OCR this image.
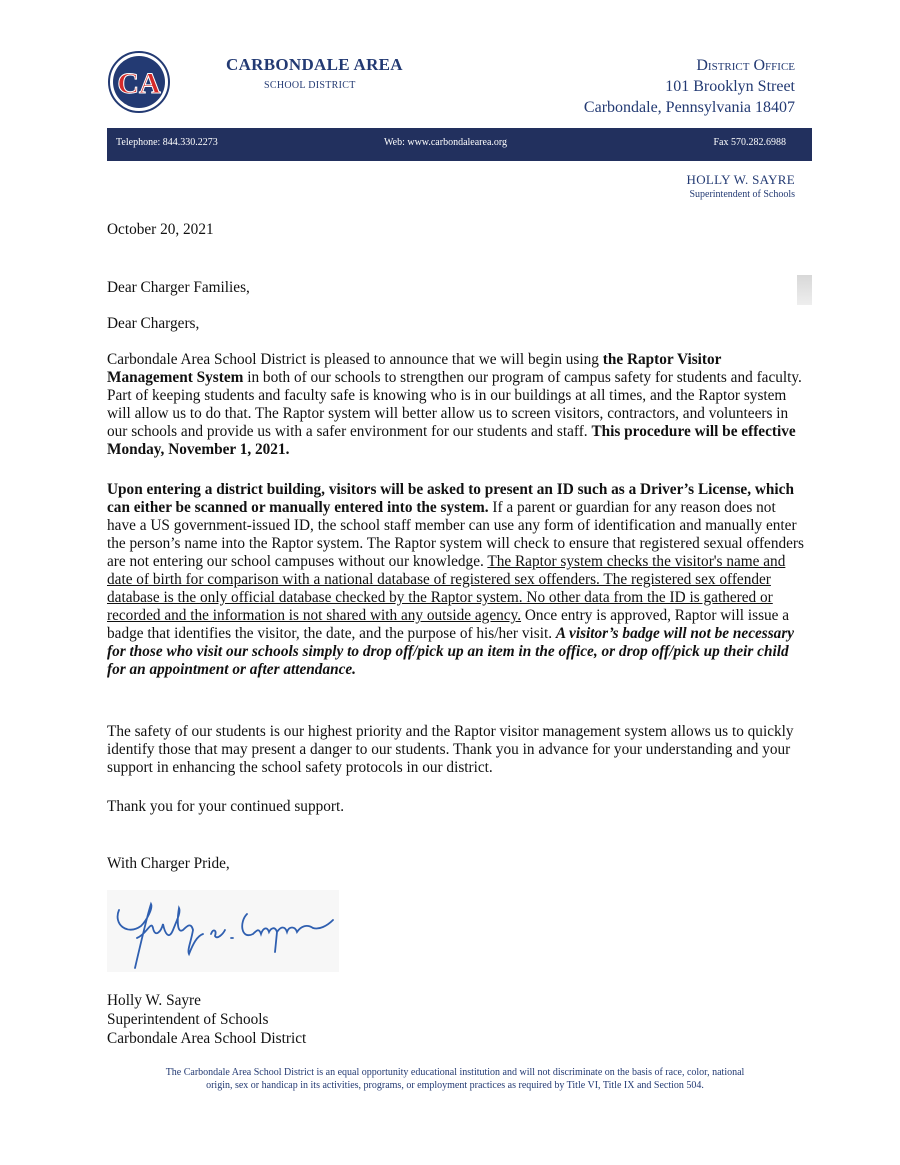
CA
CARBONDALE AREA
SCHOOL DISTRICT
District Office
101 Brooklyn Street
Carbondale, Pennsylvania 18407
Telephone: 844.330.2273	Web: www.carbondalearea.org	Fax 570.282.6988
HOLLY W. SAYRE
Superintendent of Schools
October 20, 2021
Dear Charger Families,
Dear Chargers,
Carbondale Area School District is pleased to announce that we will begin using the Raptor Visitor Management System in both of our schools to strengthen our program of campus safety for students and faculty. Part of keeping students and faculty safe is knowing who is in our buildings at all times, and the Raptor system will allow us to do that. The Raptor system will better allow us to screen visitors, contractors, and volunteers in our schools and provide us with a safer environment for our students and staff. This procedure will be effective Monday, November 1, 2021.
Upon entering a district building, visitors will be asked to present an ID such as a Driver’s License, which can either be scanned or manually entered into the system. If a parent or guardian for any reason does not have a US government-issued ID, the school staff member can use any form of identification and manually enter the person’s name into the Raptor system. The Raptor system will check to ensure that registered sexual offenders are not entering our school campuses without our knowledge. The Raptor system checks the visitor's name and date of birth for comparison with a national database of registered sex offenders. The registered sex offender database is the only official database checked by the Raptor system. No other data from the ID is gathered or recorded and the information is not shared with any outside agency. Once entry is approved, Raptor will issue a badge that identifies the visitor, the date, and the purpose of his/her visit. A visitor’s badge will not be necessary for those who visit our schools simply to drop off/pick up an item in the office, or drop off/pick up their child for an appointment or after attendance.
The safety of our students is our highest priority and the Raptor visitor management system allows us to quickly identify those that may present a danger to our students. Thank you in advance for your understanding and your support in enhancing the school safety protocols in our district.
Thank you for your continued support.
With Charger Pride,
Holly W. Sayre
Superintendent of Schools
Carbondale Area School District
The Carbondale Area School District is an equal opportunity educational institution and will not discriminate on the basis of race, color, national
origin, sex or handicap in its activities, programs, or employment practices as required by Title VI, Title IX and Section 504.
